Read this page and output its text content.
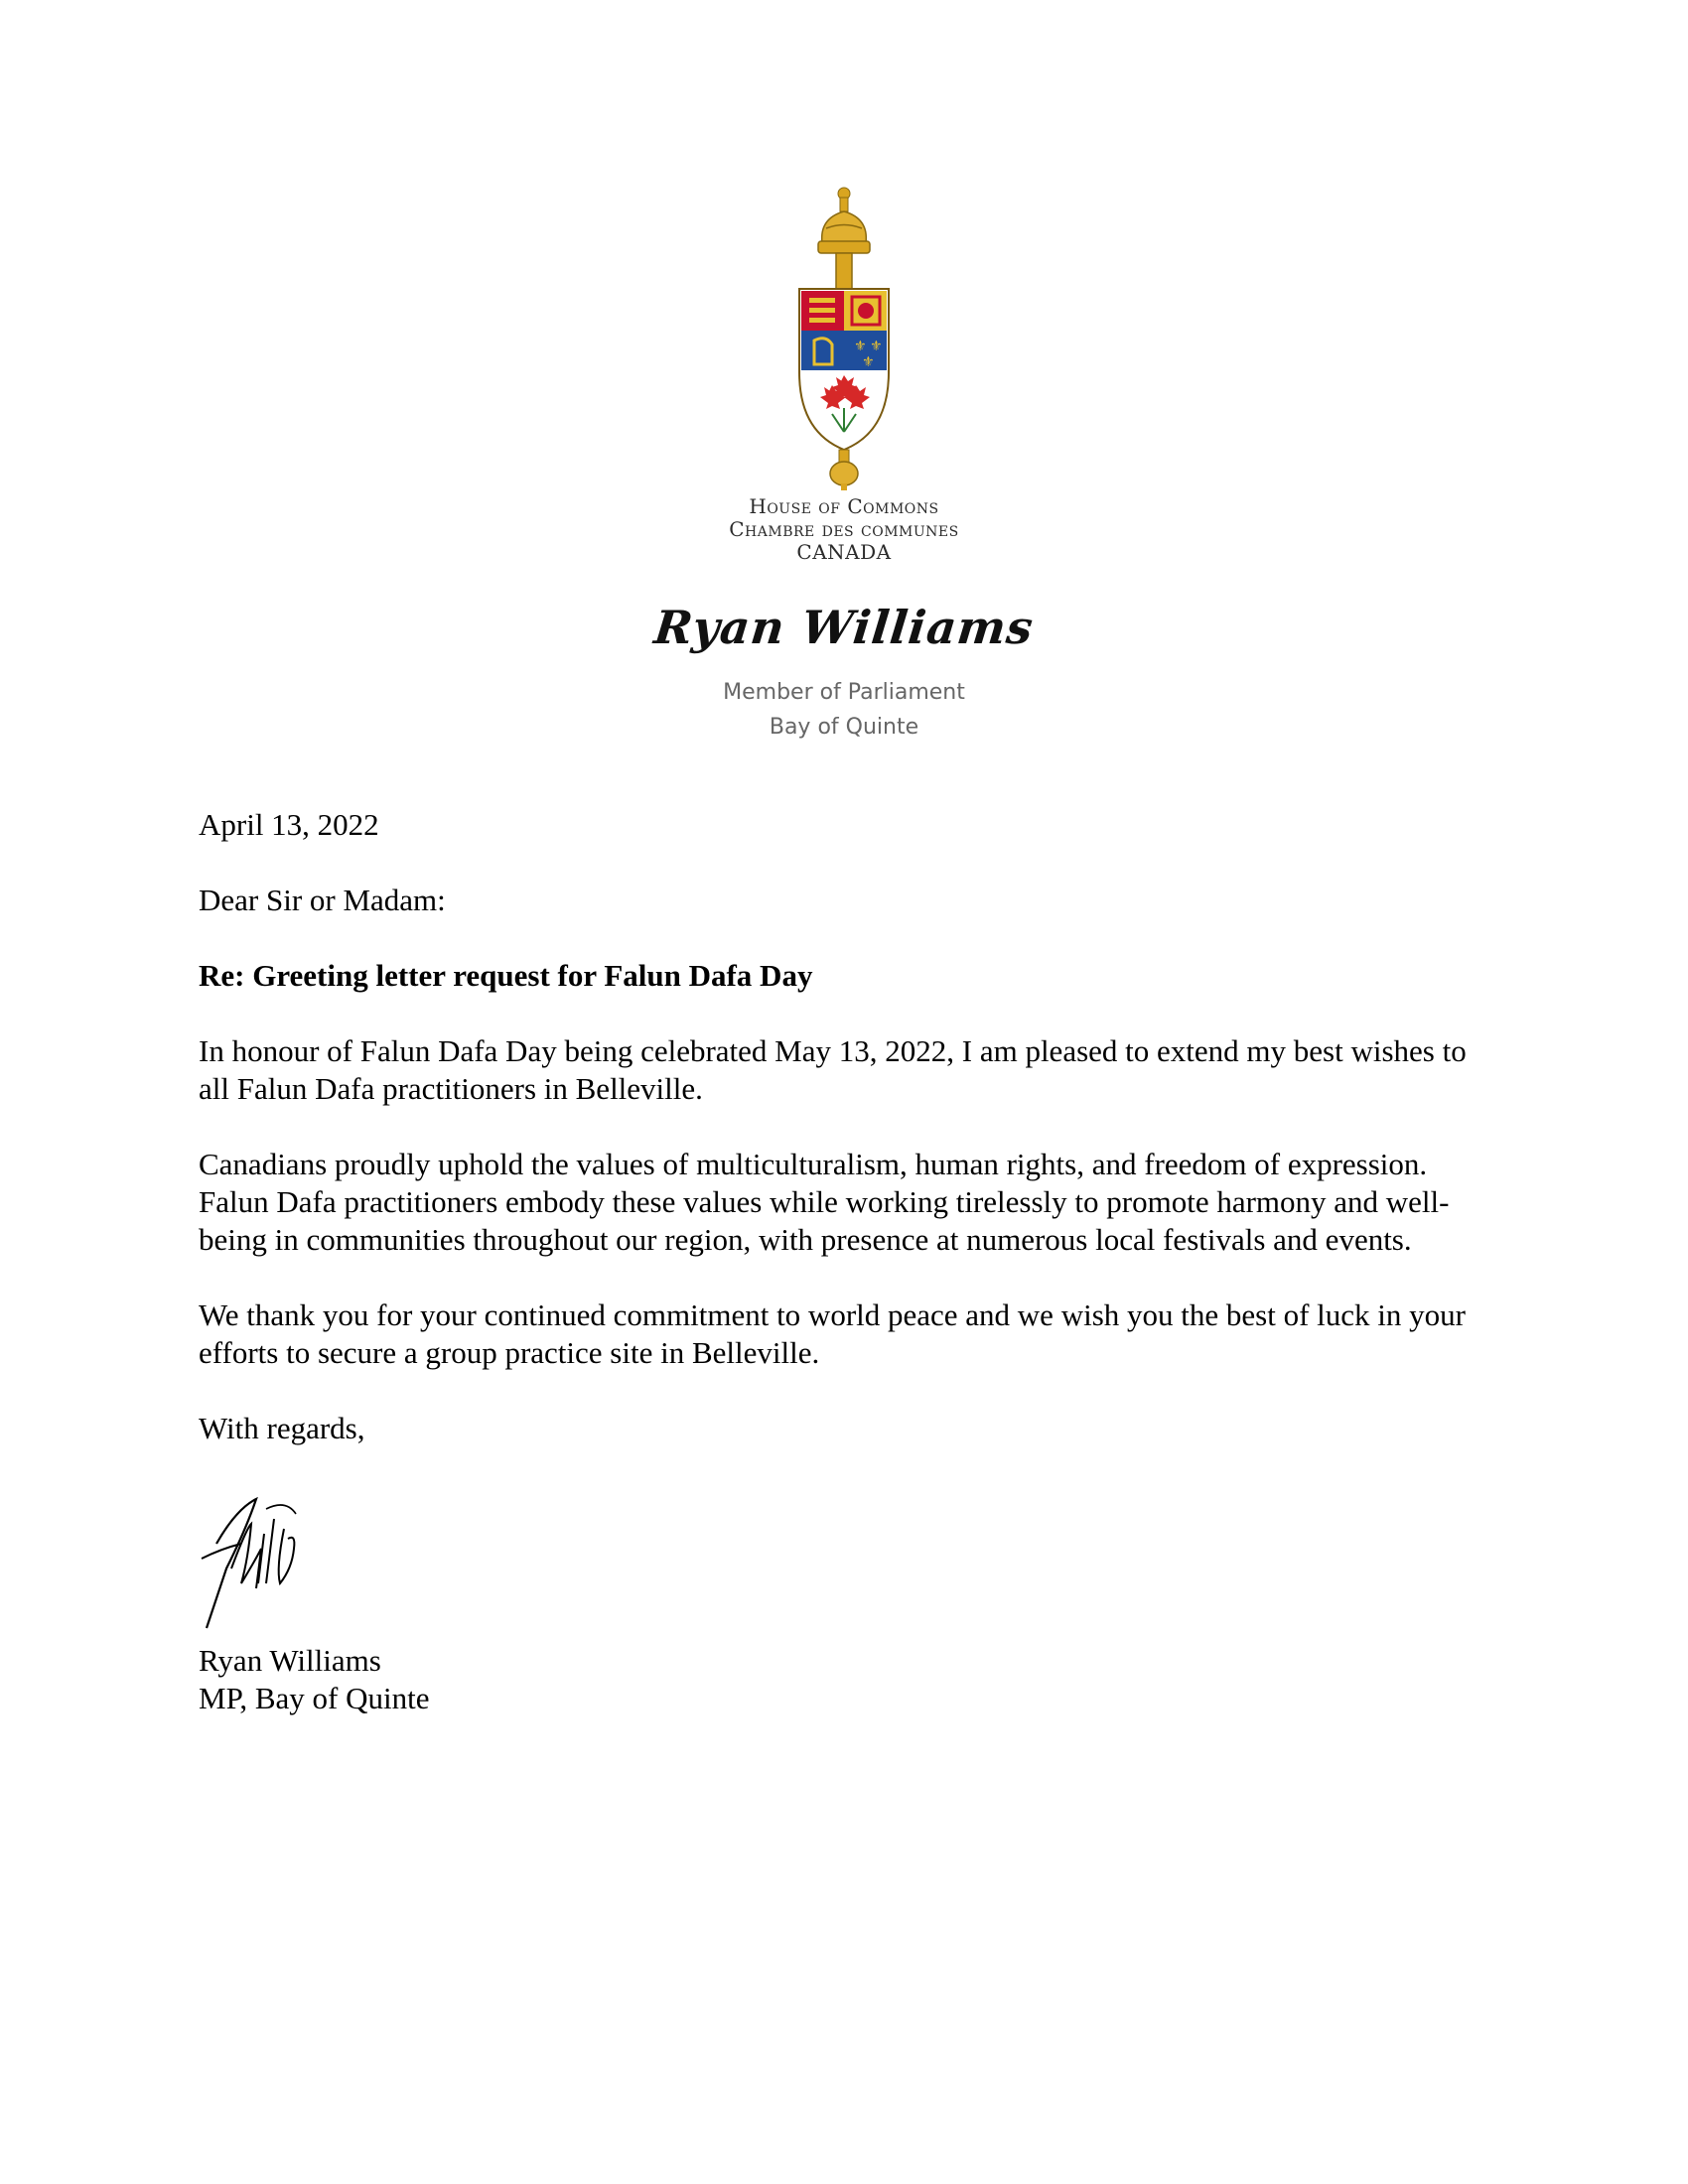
⚜ ⚜
⚜
House of Commons
Chambre des communes
CANADA
Ryan Williams
Member of Parliament
Bay of Quinte

April 13, 2022

Dear Sir or Madam:

Re: Greeting letter request for Falun Dafa Day

In honour of Falun Dafa Day being celebrated May 13, 2022, I am pleased to extend my best wishes to all Falun Dafa practitioners in Belleville.

Canadians proudly uphold the values of multiculturalism, human rights, and freedom of expression. Falun Dafa practitioners embody these values while working tirelessly to promote harmony and well-being in communities throughout our region, with presence at numerous local festivals and events.

We thank you for your continued commitment to world peace and we wish you the best of luck in your efforts to secure a group practice site in Belleville.

With regards,

Ryan Williams
MP, Bay of Quinte
